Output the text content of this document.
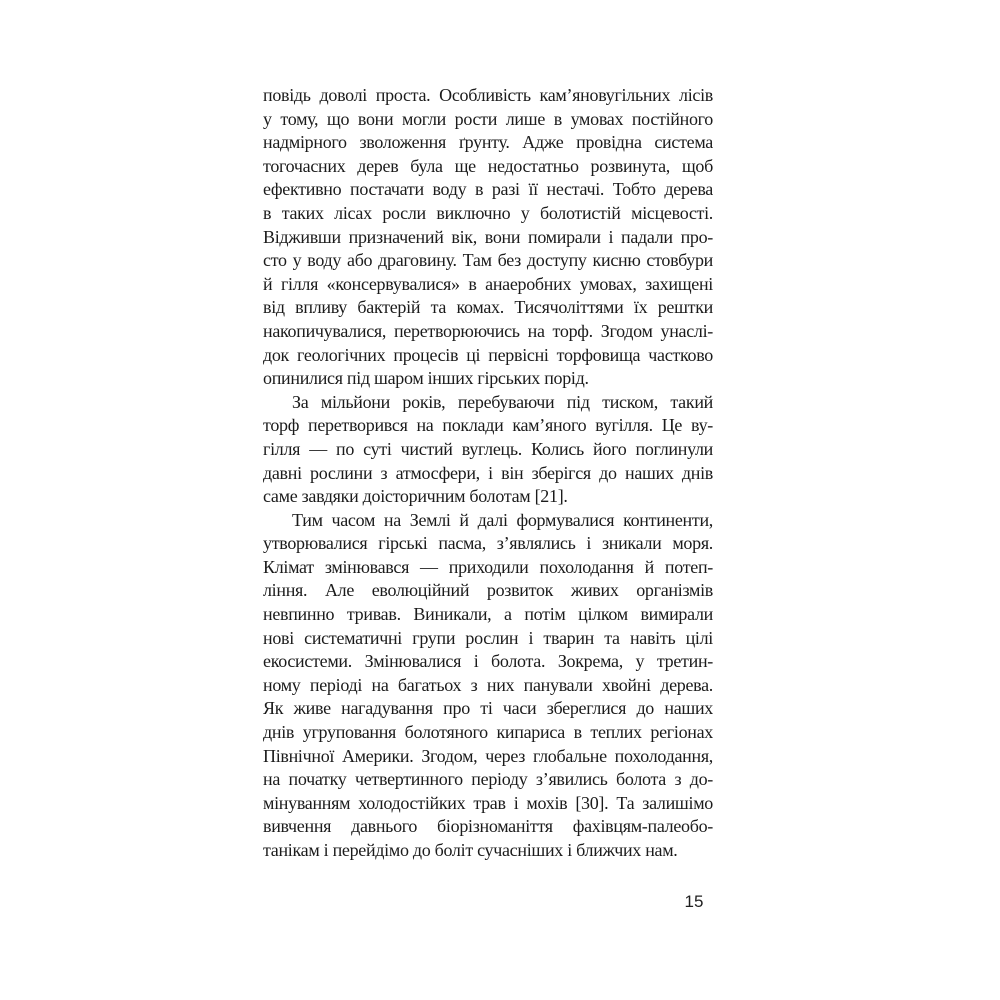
повідь доволі проста. Особливість кам’яновугільних лісів
у тому, що вони могли рости лише в умовах постійного
надмірного зволоження ґрунту. Адже провідна система
тогочасних дерев була ще недостатньо розвинута, щоб
ефективно постачати воду в разі її нестачі. Тобто дерева
в таких лісах росли виключно у болотистій місцевості.
Відживши призначений вік, вони помирали і падали про-
сто у воду або драговину. Там без доступу кисню стовбури
й гілля «консервувалися» в анаеробних умовах, захищені
від впливу бактерій та комах. Тисячоліттями їх рештки
накопичувалися, перетворюючись на торф. Згодом унаслі-
док геологічних процесів ці первісні торфовища частково
опинилися під шаром інших гірських порід.
За мільйони років, перебуваючи під тиском, такий
торф перетворився на поклади кам’яного вугілля. Це ву-
гілля — по суті чистий вуглець. Колись його поглинули
давні рослини з атмосфери, і він зберігся до наших днів
саме завдяки доісторичним болотам [21].
Тим часом на Землі й далі формувалися континенти,
утворювалися гірські пасма, з’являлись і зникали моря.
Клімат змінювався — приходили похолодання й потеп-
ління. Але еволюційний розвиток живих організмів
невпинно тривав. Виникали, а потім цілком вимирали
нові систематичні групи рослин і тварин та навіть цілі
екосистеми. Змінювалися і болота. Зокрема, у третин-
ному періоді на багатьох з них панували хвойні дерева.
Як живе нагадування про ті часи збереглися до наших
днів угруповання болотяного кипариса в теплих регіонах
Північної Америки. Згодом, через глобальне похолодання,
на початку четвертинного періоду з’явились болота з до-
мінуванням холодостійких трав і мохів [30]. Та залишімо
вивчення давнього біорізноманіття фахівцям-палеобо-
танікам і перейдімо до боліт сучасніших і ближчих нам.
15
